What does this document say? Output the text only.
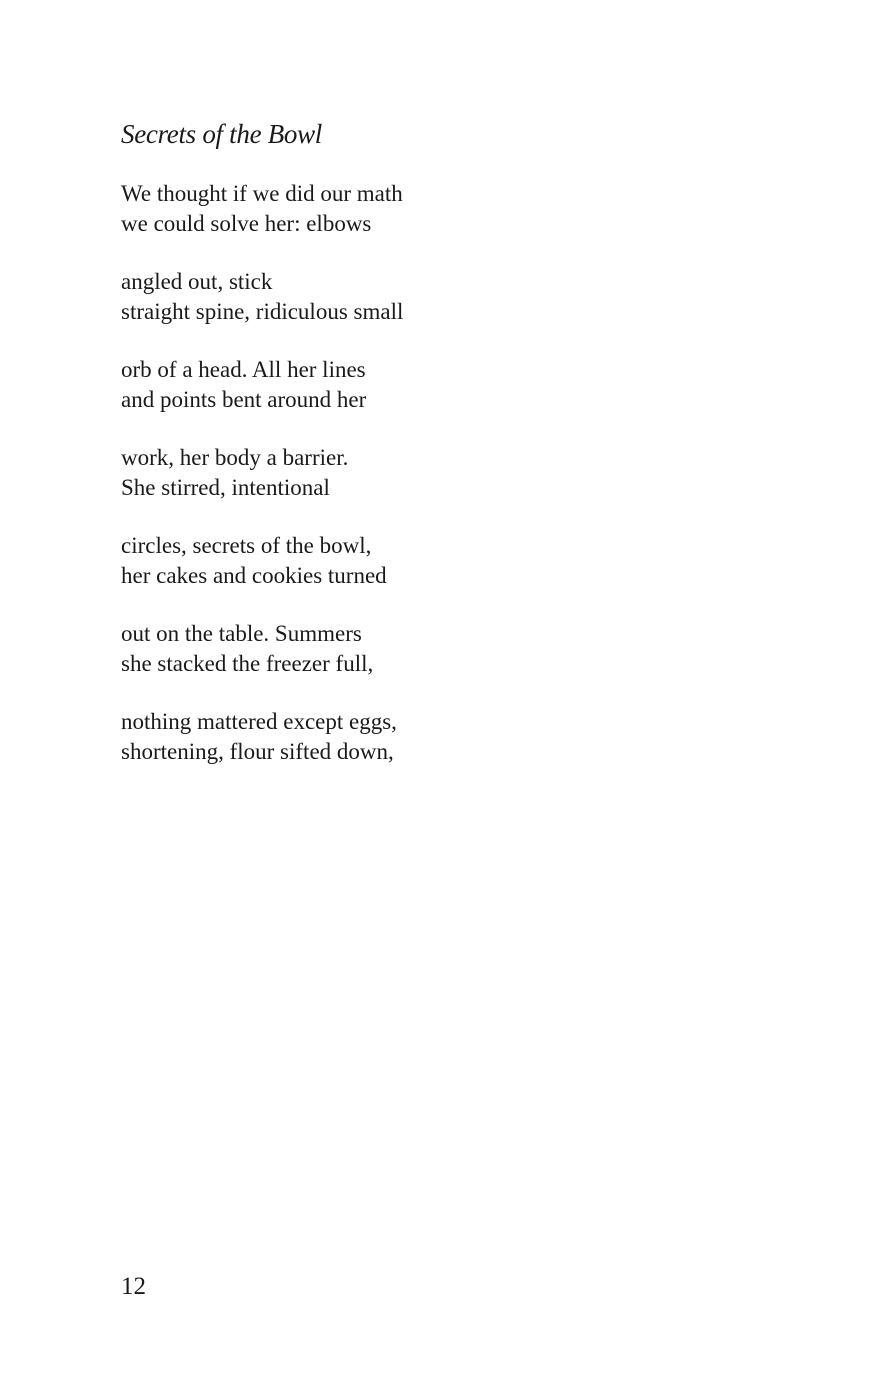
Secrets of the Bowl
We thought if we did our math
we could solve her: elbows
angled out, stick
straight spine, ridiculous small
orb of a head. All her lines
and points bent around her
work, her body a barrier.
She stirred, intentional
circles, secrets of the bowl,
her cakes and cookies turned
out on the table. Summers
she stacked the freezer full,
nothing mattered except eggs,
shortening, flour sifted down,
12
